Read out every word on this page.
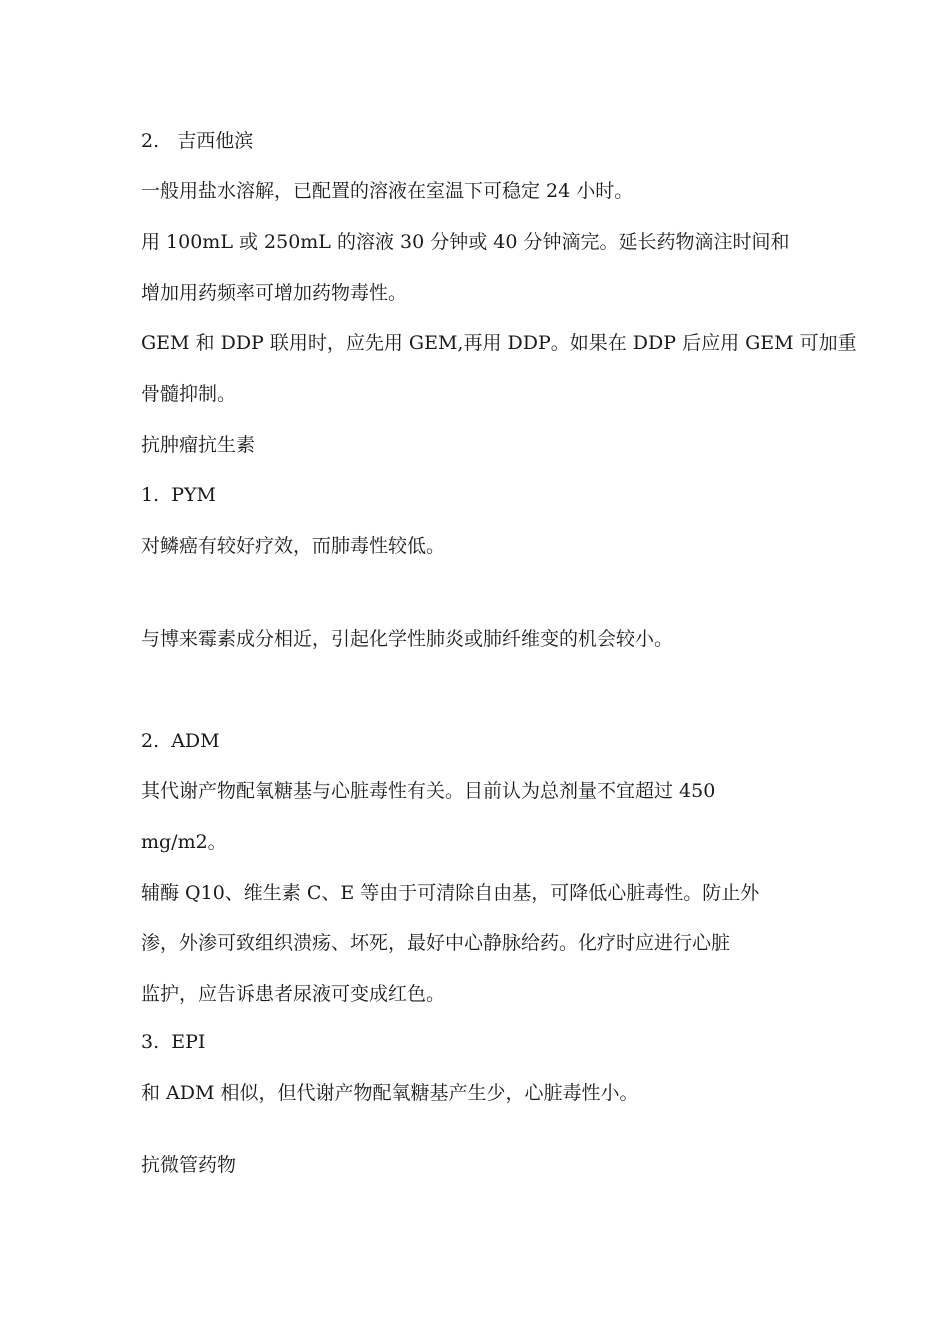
2.   吉西他滨
一般用盐水溶解，已配置的溶液在室温下可稳定 24 小时。
用 100mL 或 250mL 的溶液 30 分钟或 40 分钟滴完。延长药物滴注时间和
增加用药频率可增加药物毒性。
GEM 和 DDP 联用时，应先用 GEM,再用 DDP。如果在 DDP 后应用 GEM 可加重
骨髓抑制。
抗肿瘤抗生素
1.  PYM
对鳞癌有较好疗效，而肺毒性较低。
与博来霉素成分相近，引起化学性肺炎或肺纤维变的机会较小。
2.  ADM
其代谢产物配氧糖基与心脏毒性有关。目前认为总剂量不宜超过 450
mg/m2。
辅酶 Q10、维生素 C、E 等由于可清除自由基，可降低心脏毒性。防止外
渗，外渗可致组织溃疡、坏死，最好中心静脉给药。化疗时应进行心脏
监护，应告诉患者尿液可变成红色。
3.  EPI
和 ADM 相似，但代谢产物配氧糖基产生少，心脏毒性小。
抗微管药物
